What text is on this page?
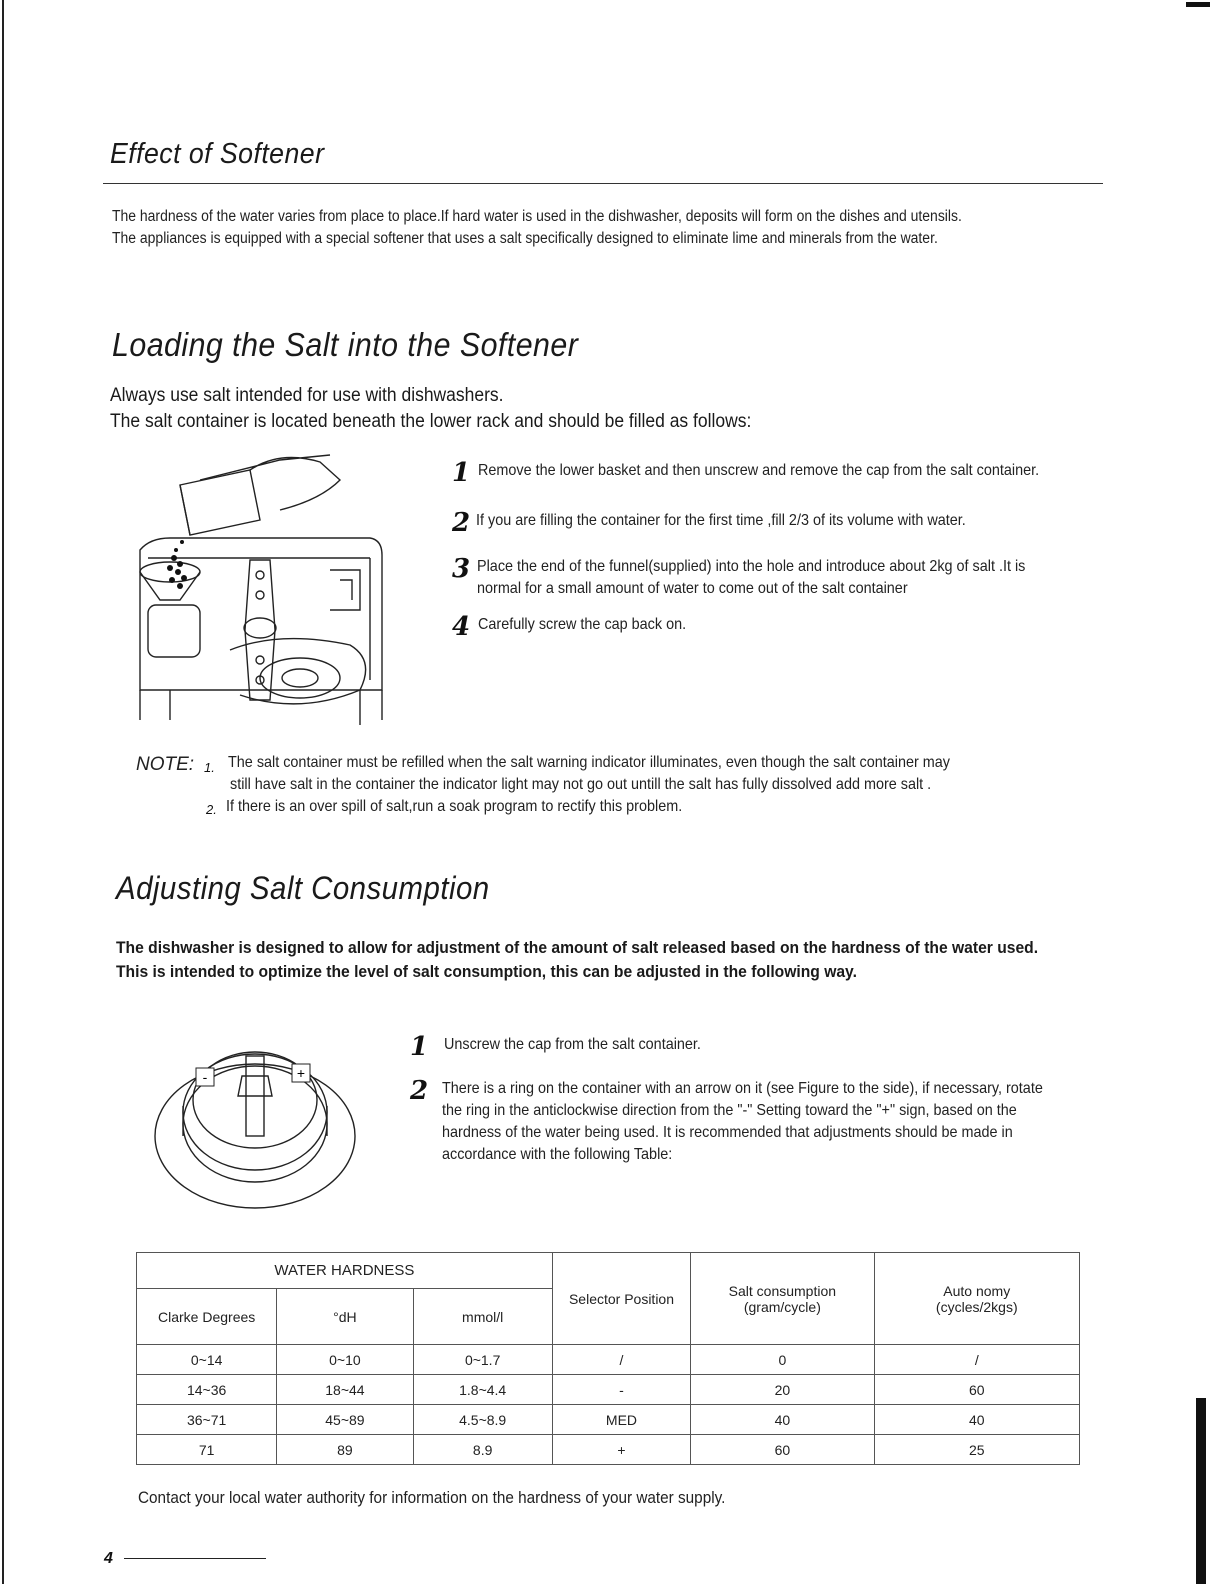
Effect of Softener

The hardness of the water varies from place to place.If hard water is used in the dishwasher, deposits will form on the dishes and utensils.

The appliances is equipped with a special softener that uses a salt specifically designed to eliminate lime and minerals from the water.

Loading the Salt into the Softener
Always use salt intended for use with dishwashers.
The salt container is located beneath the lower rack and should be filled as follows:
1 Remove the lower basket and then unscrew and remove the cap from the salt container.
2 If you are filling the container for the first time ,fill 2/3 of its volume with water.
3 Place the end of the funnel(supplied) into the hole and introduce about 2kg of salt .It is normal for a small amount of water to come out of the salt container
4 Carefully screw the cap back on.
NOTE: 1. The salt container must be refilled when the salt warning indicator illuminates, even though the salt container may
still have salt in the container the indicator light may not go out untill the salt has fully dissolved add more salt .
2. If there is an over spill of salt,run a soak program to rectify this problem.
Adjusting Salt Consumption
The dishwasher is designed to allow for adjustment of the amount of salt released based on the hardness of the water used.
This is intended to optimize the level of salt consumption, this can be adjusted in the following way.
-	+
1 Unscrew the cap from the salt container.
2 There is a ring on the container with an arrow on it (see Figure to the side), if necessary, rotate the ring in the anticlockwise direction from the "-" Setting toward the "+" sign, based on the hardness of the water being used. It is recommended that adjustments should be made in accordance with the following Table:
WATER HARDNESS			Selector Position	Salt consumption (gram/cycle)	Auto nomy (cycles/2kgs)
Clarke Degrees	°dH	mmol/l			
0~14	0~10	0~1.7	/	0	/
14~36	18~44	1.8~4.4	-	20	60
36~71	45~89	4.5~8.9	MED	40	40
71	89	8.9	+	60	25
Contact your local water authority for information on the hardness of your water supply.
4
